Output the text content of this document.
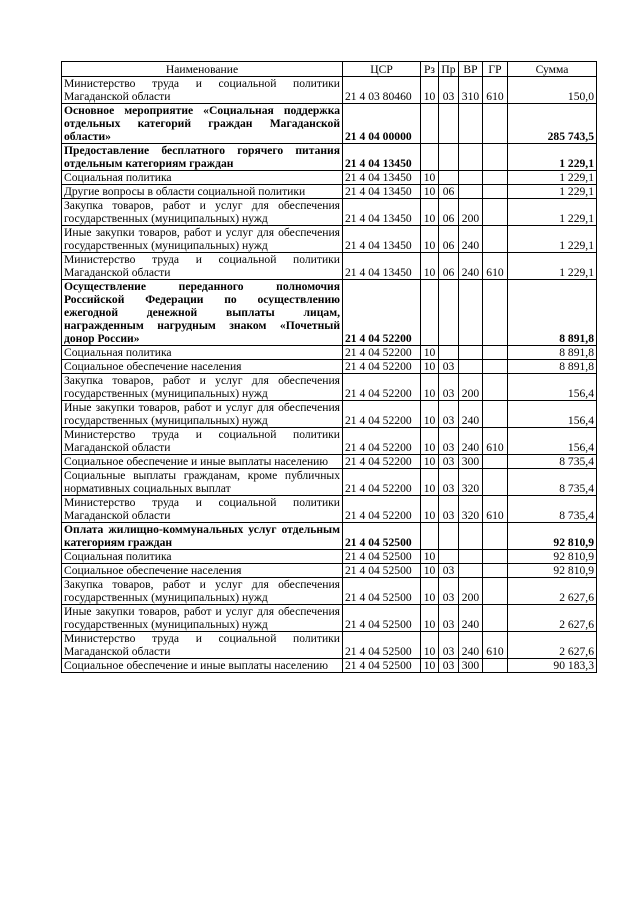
Наименование	ЦСР	Рз	Пр	ВР	ГР	Сумма
Министерство труда и социальной политики Магаданской области	21 4 03 80460	10	03	310	610	150,0
Основное мероприятие «Социальная поддержка отдельных категорий граждан Магаданской области»	21 4 04 00000					285 743,5
Предоставление бесплатного горячего питания отдельным категориям граждан	21 4 04 13450					1 229,1
Социальная политика	21 4 04 13450	10				1 229,1
Другие вопросы в области социальной политики	21 4 04 13450	10	06			1 229,1
Закупка товаров, работ и услуг для обеспечения государственных (муниципальных) нужд	21 4 04 13450	10	06	200		1 229,1
Иные закупки товаров, работ и услуг для обеспечения государственных (муниципальных) нужд	21 4 04 13450	10	06	240		1 229,1
Министерство труда и социальной политики Магаданской области	21 4 04 13450	10	06	240	610	1 229,1
Осуществление переданного полномочия Российской Федерации по осуществлению ежегодной денежной выплаты лицам, награжденным нагрудным знаком «Почетный донор России»	21 4 04 52200					8 891,8
Социальная политика	21 4 04 52200	10				8 891,8
Социальное обеспечение населения	21 4 04 52200	10	03			8 891,8
Закупка товаров, работ и услуг для обеспечения государственных (муниципальных) нужд	21 4 04 52200	10	03	200		156,4
Иные закупки товаров, работ и услуг для обеспечения государственных (муниципальных) нужд	21 4 04 52200	10	03	240		156,4
Министерство труда и социальной политики Магаданской области	21 4 04 52200	10	03	240	610	156,4
Социальное обеспечение и иные выплаты населению	21 4 04 52200	10	03	300		8 735,4
Социальные выплаты гражданам, кроме публичных нормативных социальных выплат	21 4 04 52200	10	03	320		8 735,4
Министерство труда и социальной политики Магаданской области	21 4 04 52200	10	03	320	610	8 735,4
Оплата жилищно-коммунальных услуг отдельным категориям граждан	21 4 04 52500					92 810,9
Социальная политика	21 4 04 52500	10				92 810,9
Социальное обеспечение населения	21 4 04 52500	10	03			92 810,9
Закупка товаров, работ и услуг для обеспечения государственных (муниципальных) нужд	21 4 04 52500	10	03	200		2 627,6
Иные закупки товаров, работ и услуг для обеспечения государственных (муниципальных) нужд	21 4 04 52500	10	03	240		2 627,6
Министерство труда и социальной политики Магаданской области	21 4 04 52500	10	03	240	610	2 627,6
Социальное обеспечение и иные выплаты населению	21 4 04 52500	10	03	300		90 183,3
